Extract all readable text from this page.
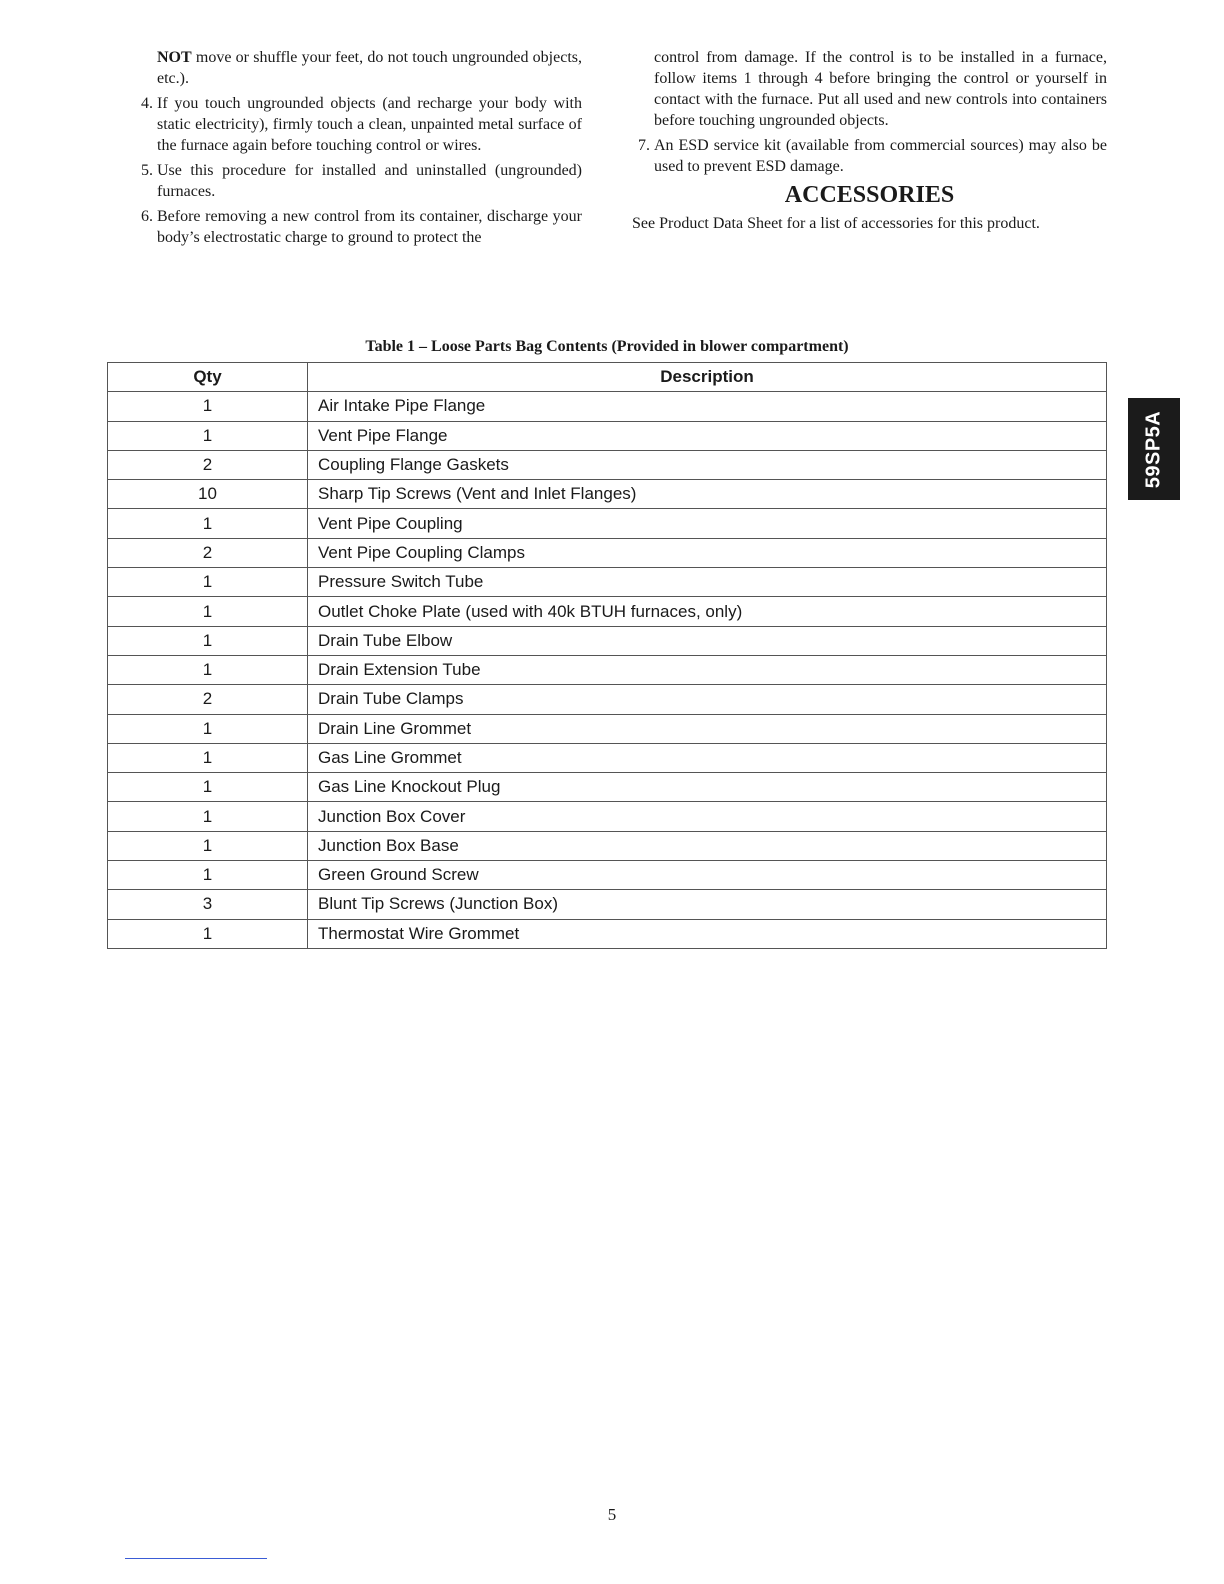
NOT move or shuffle your feet, do not touch ungrounded objects, etc.).

4. If you touch ungrounded objects (and recharge your body with static electricity), firmly touch a clean, unpainted metal surface of the furnace again before touching control or wires.

5. Use this procedure for installed and uninstalled (ungrounded) furnaces.

6. Before removing a new control from its container, discharge your body’s electrostatic charge to ground to protect the

control from damage. If the control is to be installed in a furnace, follow items 1 through 4 before bringing the control or yourself in contact with the furnace. Put all used and new controls into containers before touching ungrounded objects.

7. An ESD service kit (available from commercial sources) may also be used to prevent ESD damage.

ACCESSORIES

See Product Data Sheet for a list of accessories for this product.

Table 1 – Loose Parts Bag Contents (Provided in blower compartment)
Qty	Description
1	Air Intake Pipe Flange
1	Vent Pipe Flange
2	Coupling Flange Gaskets
10	Sharp Tip Screws (Vent and Inlet Flanges)
1	Vent Pipe Coupling
2	Vent Pipe Coupling Clamps
1	Pressure Switch Tube
1	Outlet Choke Plate (used with 40k BTUH furnaces, only)
1	Drain Tube Elbow
1	Drain Extension Tube
2	Drain Tube Clamps
1	Drain Line Grommet
1	Gas Line Grommet
1	Gas Line Knockout Plug
1	Junction Box Cover
1	Junction Box Base
1	Green Ground Screw
3	Blunt Tip Screws (Junction Box)
1	Thermostat Wire Grommet
59SP5A
5
